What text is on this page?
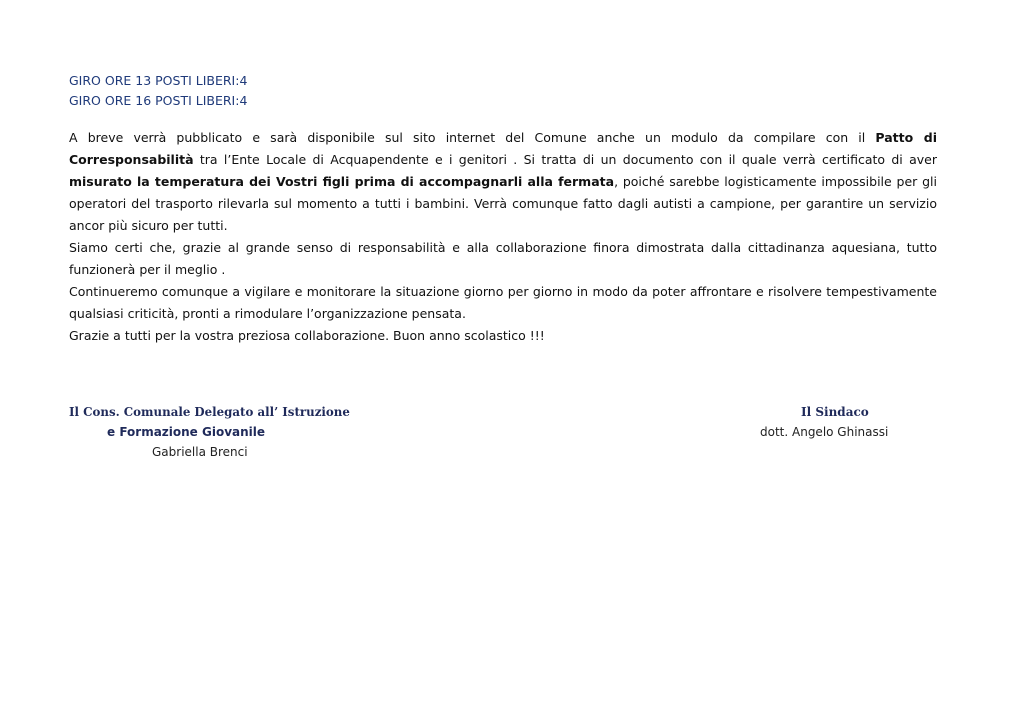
GIRO ORE 13 POSTI LIBERI:4
GIRO ORE 16 POSTI LIBERI:4

A breve verrà pubblicato e sarà disponibile sul sito internet del Comune anche un modulo da compilare con il Patto di Corresponsabilità tra l’Ente Locale di Acquapendente e i genitori . Si tratta di un documento con il quale verrà certificato di aver misurato la temperatura dei Vostri figli prima di accompagnarli alla fermata, poiché sarebbe logisticamente impossibile per gli operatori del trasporto rilevarla sul momento a tutti i bambini. Verrà comunque fatto dagli autisti a campione, per garantire un servizio ancor più sicuro per tutti.

Siamo certi che, grazie al grande senso di responsabilità e alla collaborazione finora dimostrata dalla cittadinanza aquesiana, tutto funzionerà per il meglio .

Continueremo comunque a vigilare e monitorare la situazione giorno per giorno in modo da poter affrontare e risolvere tempestivamente qualsiasi criticità, pronti a rimodulare l’organizzazione pensata.

Grazie a tutti per la vostra preziosa collaborazione. Buon anno scolastico !!!

Il Cons. Comunale Delegato all’ Istruzione
e Formazione Giovanile
Gabriella Brenci
Il Sindaco
dott. Angelo Ghinassi
